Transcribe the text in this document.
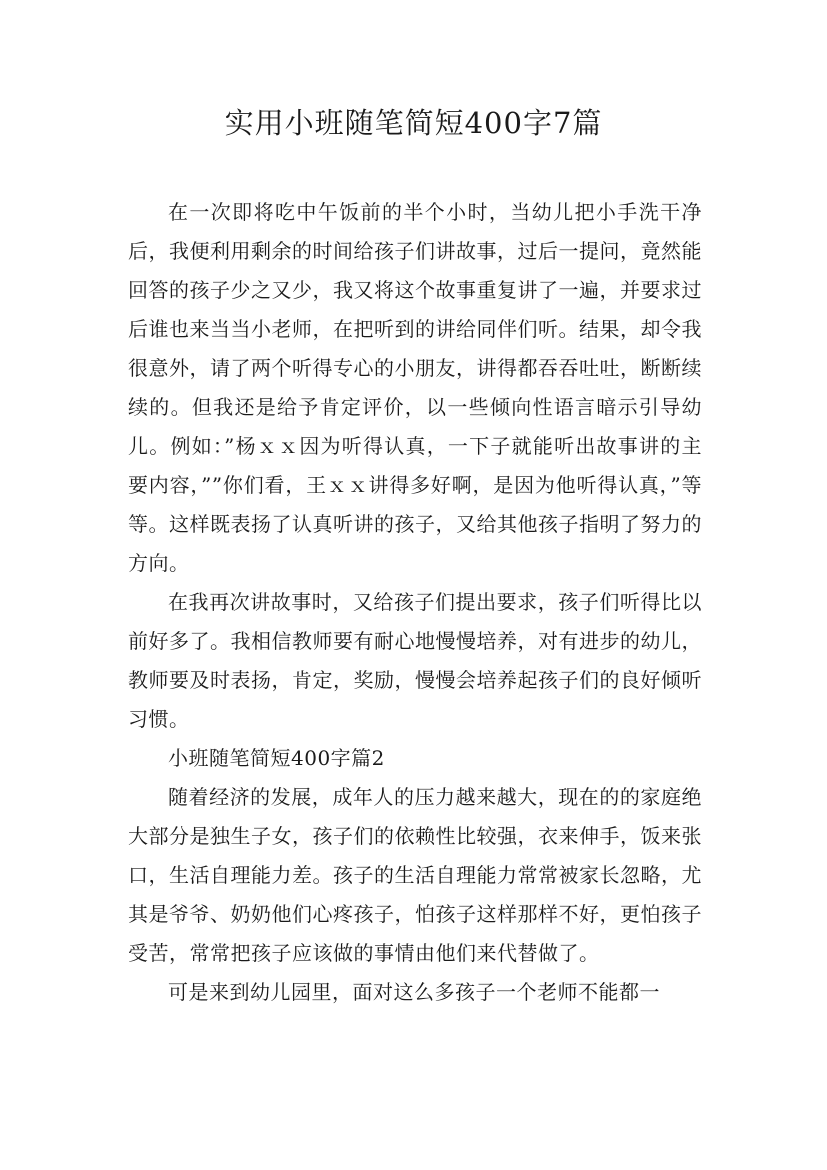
实用小班随笔简短400字7篇

在一次即将吃中午饭前的半个小时，当幼儿把小手洗干净后，我便利用剩余的时间给孩子们讲故事，过后一提问，竟然能回答的孩子少之又少，我又将这个故事重复讲了一遍，并要求过后谁也来当当小老师，在把听到的讲给同伴们听。结果，却令我很意外，请了两个听得专心的小朋友，讲得都吞吞吐吐，断断续续的。但我还是给予肯定评价，以一些倾向性语言暗示引导幼儿。例如：”杨ｘｘ因为听得认真，一下子就能听出故事讲的主要内容，””你们看，王ｘｘ讲得多好啊，是因为他听得认真，”等等。这样既表扬了认真听讲的孩子，又给其他孩子指明了努力的方向。

在我再次讲故事时，又给孩子们提出要求，孩子们听得比以前好多了。我相信教师要有耐心地慢慢培养，对有进步的幼儿，教师要及时表扬，肯定，奖励，慢慢会培养起孩子们的良好倾听习惯。

小班随笔简短400字篇2

随着经济的发展，成年人的压力越来越大，现在的的家庭绝大部分是独生子女，孩子们的依赖性比较强，衣来伸手，饭来张口，生活自理能力差。孩子的生活自理能力常常被家长忽略，尤其是爷爷、奶奶他们心疼孩子，怕孩子这样那样不好，更怕孩子受苦，常常把孩子应该做的事情由他们来代替做了。

可是来到幼儿园里，面对这么多孩子一个老师不能都一
